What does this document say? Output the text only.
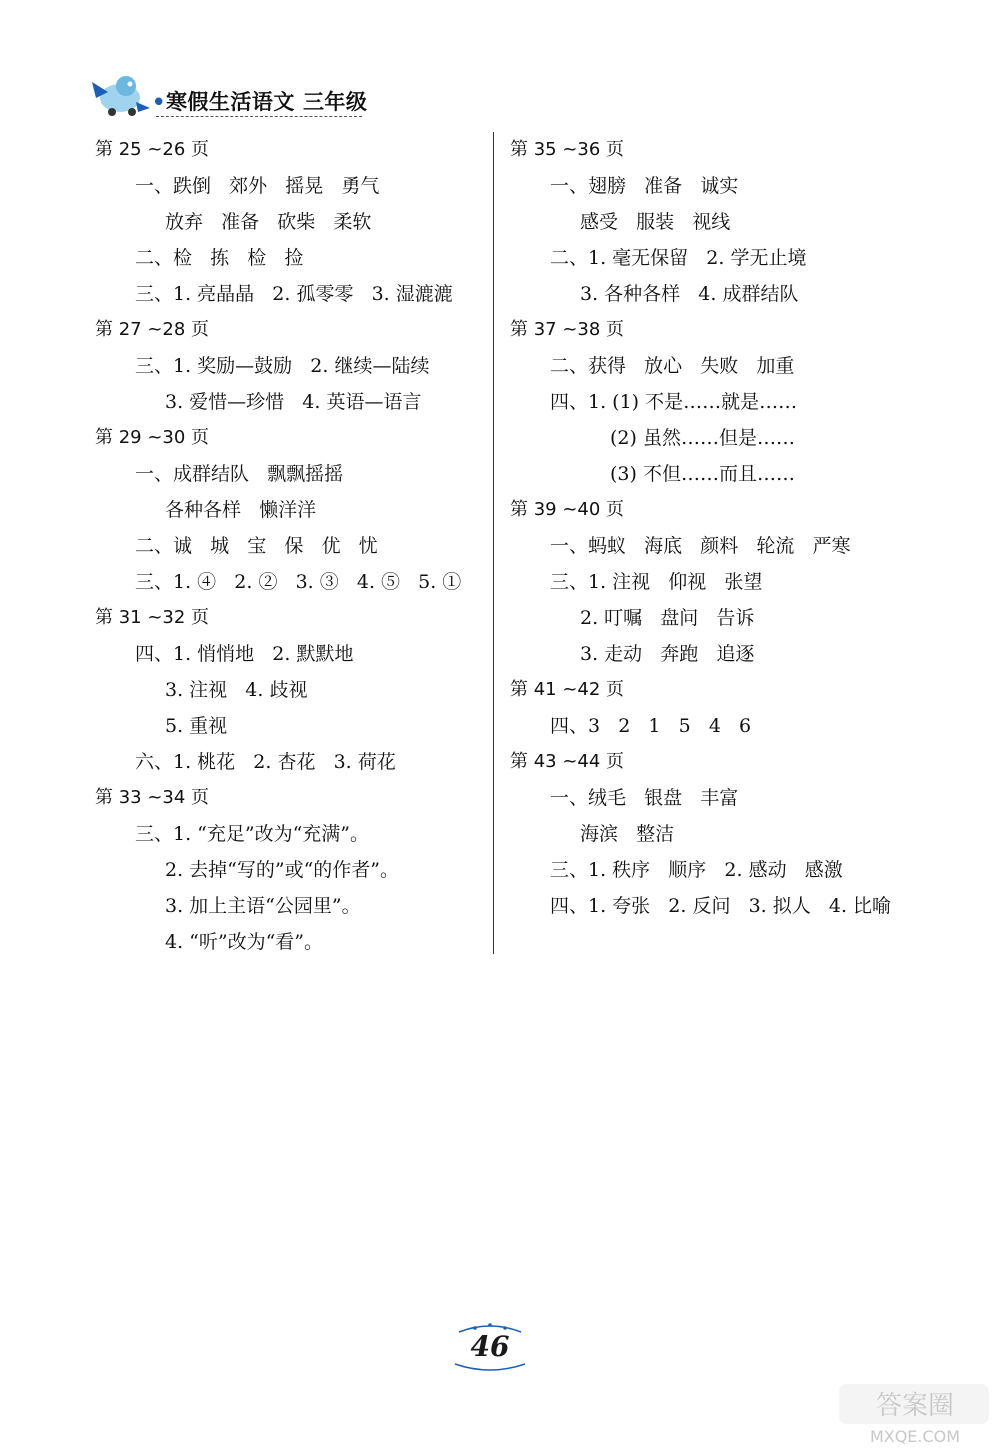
•寒假生活语文 三年级
第 25 ~26 页
一、跌倒   郊外   摇晃   勇气
放弃   准备   砍柴   柔软
二、检   拣   检   捡
三、1. 亮晶晶   2. 孤零零   3. 湿漉漉
第 27 ~28 页
三、1. 奖励—鼓励   2. 继续—陆续
3. 爱惜—珍惜   4. 英语—语言
第 29 ~30 页
一、成群结队   飘飘摇摇
各种各样   懒洋洋
二、诚   城   宝   保   优   忧
三、1. ④   2. ②   3. ③   4. ⑤   5. ①
第 31 ~32 页
四、1. 悄悄地   2. 默默地
3. 注视   4. 歧视
5. 重视
六、1. 桃花   2. 杏花   3. 荷花
第 33 ~34 页
三、1. “充足”改为“充满”。
2. 去掉“写的”或“的作者”。
3. 加上主语“公园里”。
4. “听”改为“看”。
第 35 ~36 页
一、翅膀   准备   诚实
感受   服装   视线
二、1. 毫无保留   2. 学无止境
3. 各种各样   4. 成群结队
第 37 ~38 页
二、获得   放心   失败   加重
四、1. (1) 不是……就是……
(2) 虽然……但是……
(3) 不但……而且……
第 39 ~40 页
一、蚂蚁   海底   颜料   轮流   严寒
三、1. 注视   仰视   张望
2. 叮嘱   盘问   告诉
3. 走动   奔跑   追逐
第 41 ~42 页
四、3   2   1   5   4   6
第 43 ~44 页
一、绒毛   银盘   丰富
海滨   整洁
三、1. 秩序   顺序   2. 感动   感激
四、1. 夸张   2. 反问   3. 拟人   4. 比喻
46
答案圈
MXQE.COM
